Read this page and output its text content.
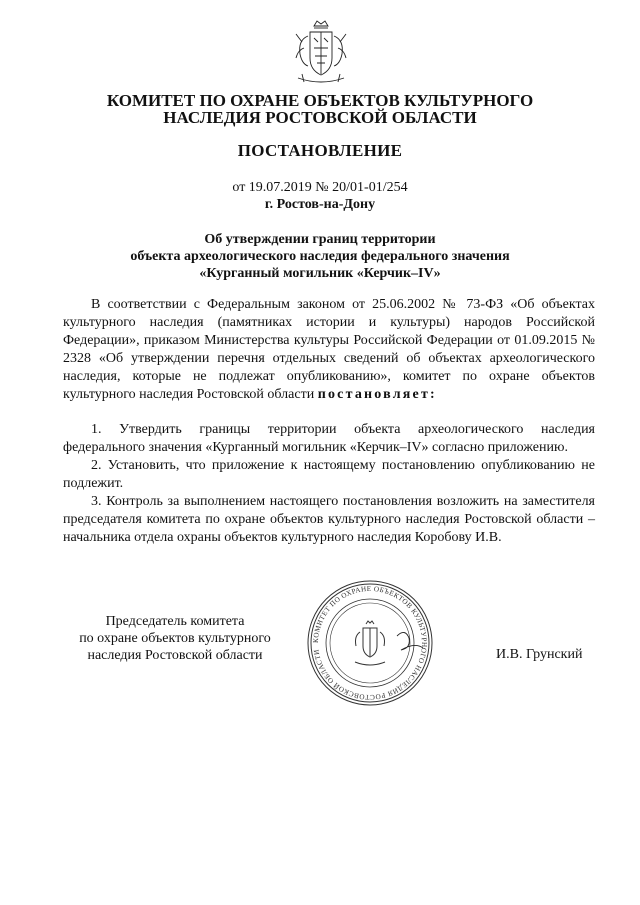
КОМИТЕТ ПО ОХРАНЕ ОБЪЕКТОВ КУЛЬТУРНОГО
НАСЛЕДИЯ РОСТОВСКОЙ ОБЛАСТИ
ПОСТАНОВЛЕНИЕ
от 19.07.2019 № 20/01-01/254
г. Ростов-на-Дону
Об утверждении границ территории
объекта археологического наследия федерального значения
«Курганный могильник «Керчик–IV»

В соответствии с Федеральным законом от 25.06.2002 № 73-ФЗ «Об объектах культурного наследия (памятниках истории и культуры) народов Российской Федерации», приказом Министерства культуры Российской Федерации от 01.09.2015 № 2328 «Об утверждении перечня отдельных сведений об объектах археологического наследия, которые не подлежат опубликованию», комитет по охране объектов культурного наследия Ростовской области постановляет:

1. Утвердить границы территории объекта археологического наследия федерального значения «Курганный могильник «Керчик–IV» согласно приложению.

2. Установить, что приложение к настоящему постановлению опубликованию не подлежит.

3. Контроль за выполнением настоящего постановления возложить на заместителя председателя комитета по охране объектов культурного наследия Ростовской области – начальника отдела охраны объектов культурного наследия Коробову И.В.

Председатель комитета
по охране объектов культурного
наследия Ростовской области
КОМИТЕТ ПО ОХРАНЕ ОБЪЕКТОВ КУЛЬТУРНОГО НАСЛЕДИЯ РОСТОВСКОЙ ОБЛАСТИ	И.В. Грунский
